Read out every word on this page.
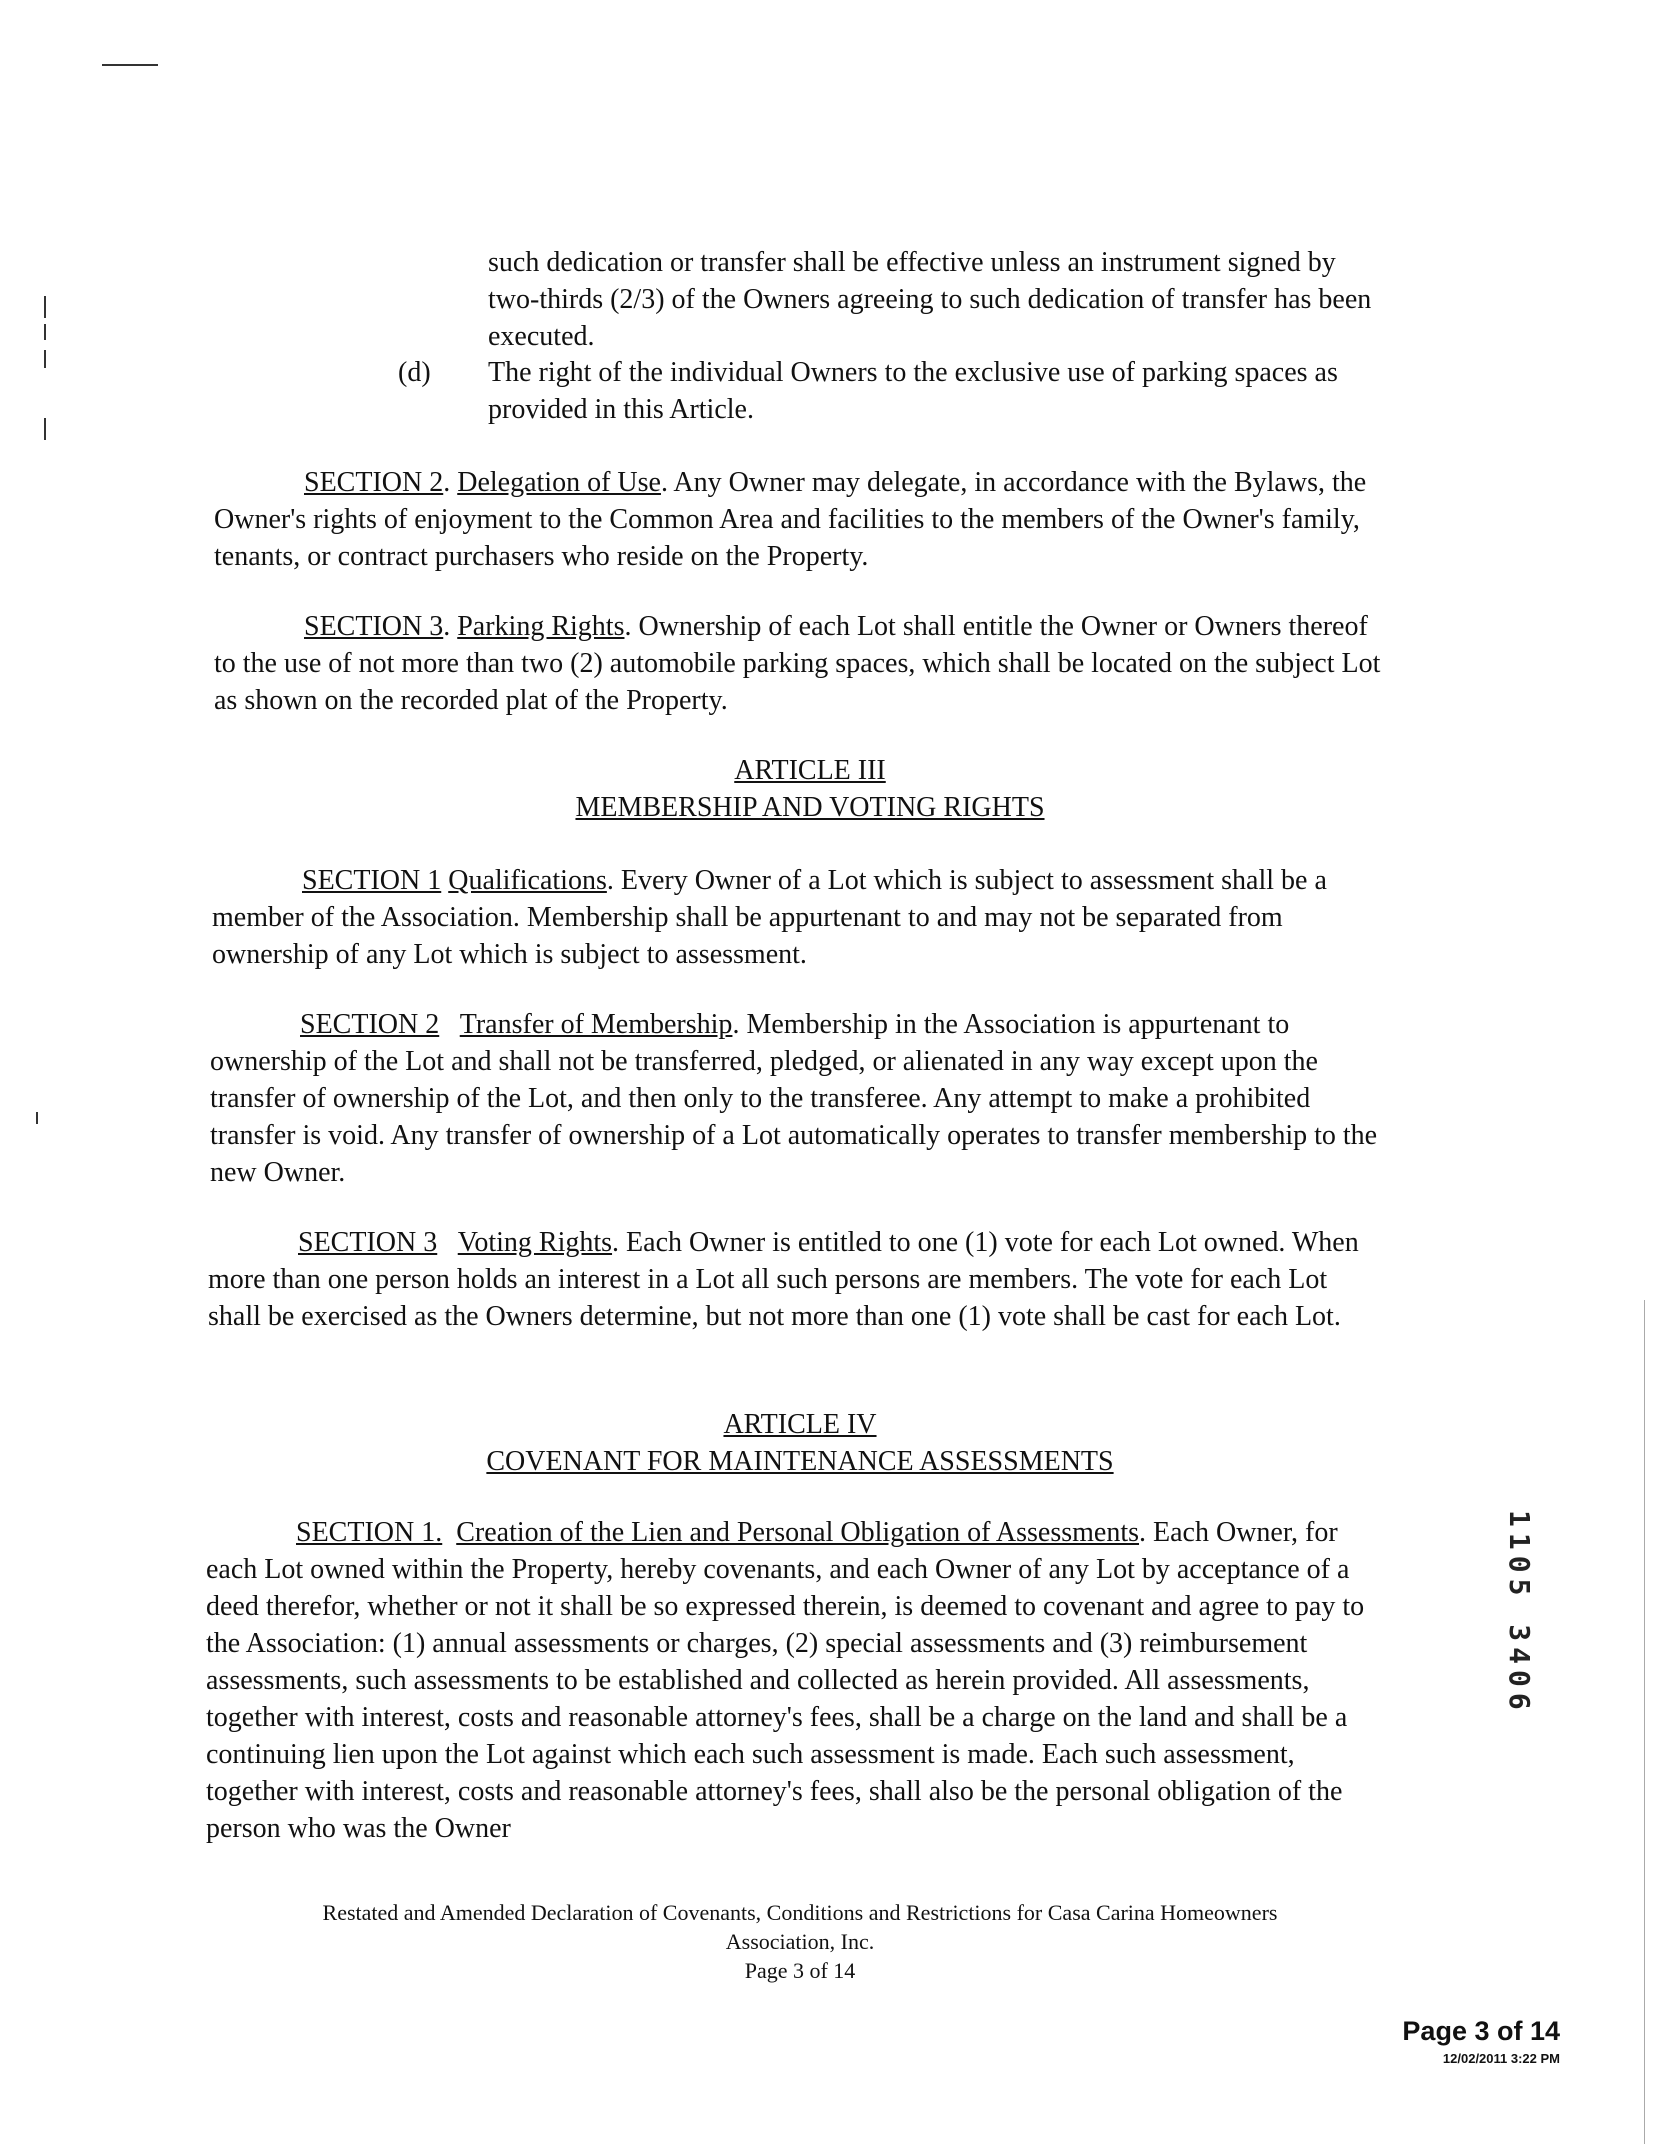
such dedication or transfer shall be effective unless an instrument signed by two-thirds (2/3) of the Owners agreeing to such dedication of transfer has been executed.
(d) The right of the individual Owners to the exclusive use of parking spaces as provided in this Article.
SECTION 2. Delegation of Use. Any Owner may delegate, in accordance with the Bylaws, the Owner's rights of enjoyment to the Common Area and facilities to the members of the Owner's family, tenants, or contract purchasers who reside on the Property.
SECTION 3. Parking Rights. Ownership of each Lot shall entitle the Owner or Owners thereof to the use of not more than two (2) automobile parking spaces, which shall be located on the subject Lot as shown on the recorded plat of the Property.
ARTICLE III
MEMBERSHIP AND VOTING RIGHTS
SECTION 1 Qualifications. Every Owner of a Lot which is subject to assessment shall be a member of the Association. Membership shall be appurtenant to and may not be separated from ownership of any Lot which is subject to assessment.
SECTION 2 Transfer of Membership. Membership in the Association is appurtenant to ownership of the Lot and shall not be transferred, pledged, or alienated in any way except upon the transfer of ownership of the Lot, and then only to the transferee. Any attempt to make a prohibited transfer is void. Any transfer of ownership of a Lot automatically operates to transfer membership to the new Owner.
SECTION 3 Voting Rights. Each Owner is entitled to one (1) vote for each Lot owned. When more than one person holds an interest in a Lot all such persons are members. The vote for each Lot shall be exercised as the Owners determine, but not more than one (1) vote shall be cast for each Lot.
ARTICLE IV
COVENANT FOR MAINTENANCE ASSESSMENTS
SECTION 1. Creation of the Lien and Personal Obligation of Assessments. Each Owner, for each Lot owned within the Property, hereby covenants, and each Owner of any Lot by acceptance of a deed therefor, whether or not it shall be so expressed therein, is deemed to covenant and agree to pay to the Association: (1) annual assessments or charges, (2) special assessments and (3) reimbursement assessments, such assessments to be established and collected as herein provided. All assessments, together with interest, costs and reasonable attorney's fees, shall be a charge on the land and shall be a continuing lien upon the Lot against which each such assessment is made. Each such assessment, together with interest, costs and reasonable attorney's fees, shall also be the personal obligation of the person who was the Owner
1105 3406
Restated and Amended Declaration of Covenants, Conditions and Restrictions for Casa Carina Homeowners
Association, Inc.
Page 3 of 14
Page 3 of 14
12/02/2011 3:22 PM
